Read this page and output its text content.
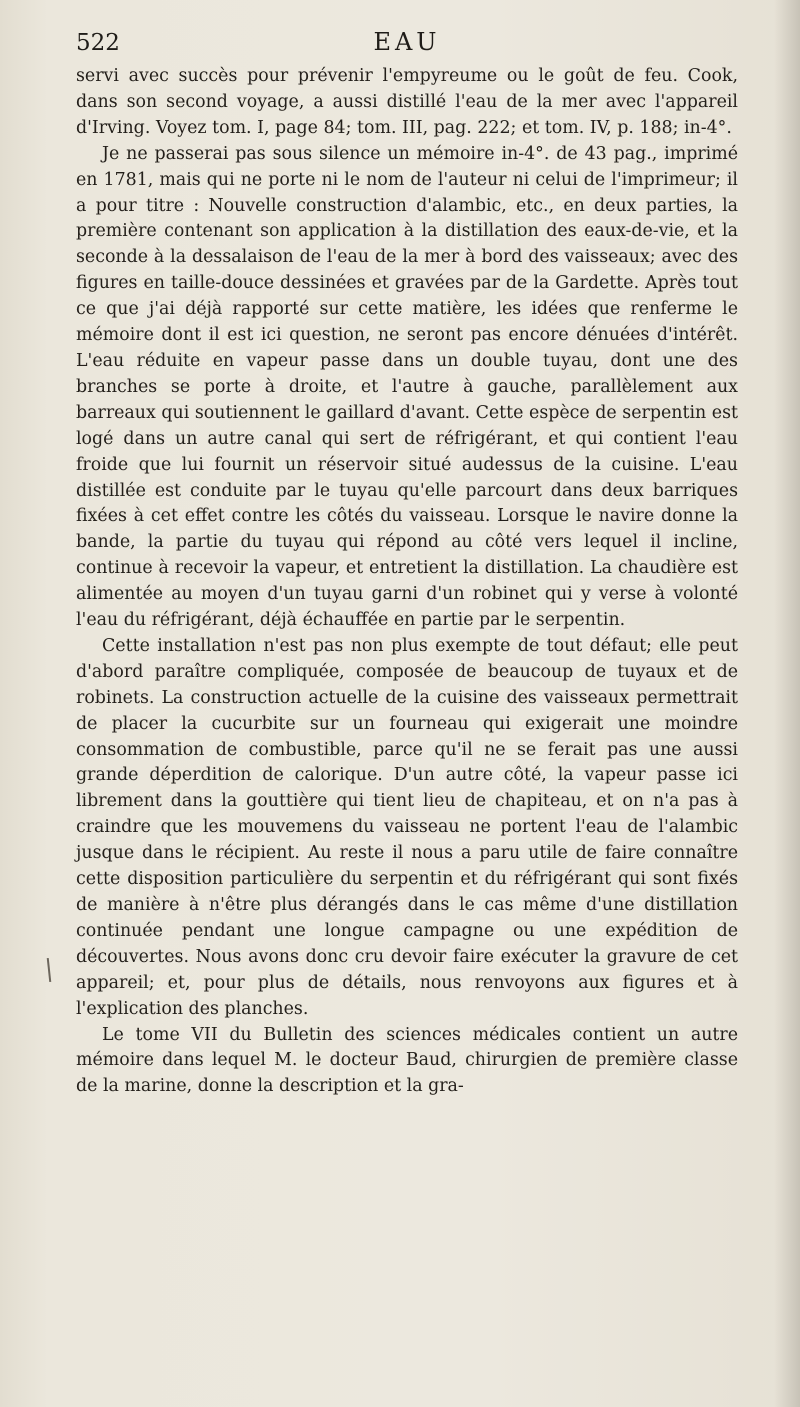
522	EAU

servi avec succès pour prévenir l'empyreume ou le goût de feu. Cook, dans son second voyage, a aussi distillé l'eau de la mer avec l'appareil d'Irving. Voyez tom. I, page 84; tom. III, pag. 222; et tom. IV, p. 188; in-4°.

Je ne passerai pas sous silence un mémoire in-4°. de 43 pag., imprimé en 1781, mais qui ne porte ni le nom de l'auteur ni celui de l'imprimeur; il a pour titre : Nouvelle construction d'alambic, etc., en deux parties, la première contenant son application à la distillation des eaux-de-vie, et la seconde à la dessalaison de l'eau de la mer à bord des vaisseaux; avec des figures en taille-douce dessinées et gravées par de la Gardette. Après tout ce que j'ai déjà rapporté sur cette matière, les idées que renferme le mémoire dont il est ici question, ne seront pas encore dénuées d'intérêt. L'eau réduite en vapeur passe dans un double tuyau, dont une des branches se porte à droite, et l'autre à gauche, parallèlement aux barreaux qui soutiennent le gaillard d'avant. Cette espèce de serpentin est logé dans un autre canal qui sert de réfrigérant, et qui contient l'eau froide que lui fournit un réservoir situé audessus de la cuisine. L'eau distillée est conduite par le tuyau qu'elle parcourt dans deux barriques fixées à cet effet contre les côtés du vaisseau. Lorsque le navire donne la bande, la partie du tuyau qui répond au côté vers lequel il incline, continue à recevoir la vapeur, et entretient la distillation. La chaudière est alimentée au moyen d'un tuyau garni d'un robinet qui y verse à volonté l'eau du réfrigérant, déjà échauffée en partie par le serpentin.

Cette installation n'est pas non plus exempte de tout défaut; elle peut d'abord paraître compliquée, composée de beaucoup de tuyaux et de robinets. La construction actuelle de la cuisine des vaisseaux permettrait de placer la cucurbite sur un fourneau qui exigerait une moindre consommation de combustible, parce qu'il ne se ferait pas une aussi grande déperdition de calorique. D'un autre côté, la vapeur passe ici librement dans la gouttière qui tient lieu de chapiteau, et on n'a pas à craindre que les mouvemens du vaisseau ne portent l'eau de l'alambic jusque dans le récipient. Au reste il nous a paru utile de faire connaître cette disposition particulière du serpentin et du réfrigérant qui sont fixés de manière à n'être plus dérangés dans le cas même d'une distillation continuée pendant une longue campagne ou une expédition de découvertes. Nous avons donc cru devoir faire exécuter la gravure de cet appareil; et, pour plus de détails, nous renvoyons aux figures et à l'explication des planches.

Le tome VII du Bulletin des sciences médicales contient un autre mémoire dans lequel M. le docteur Baud, chirurgien de première classe de la marine, donne la description et la gra-
